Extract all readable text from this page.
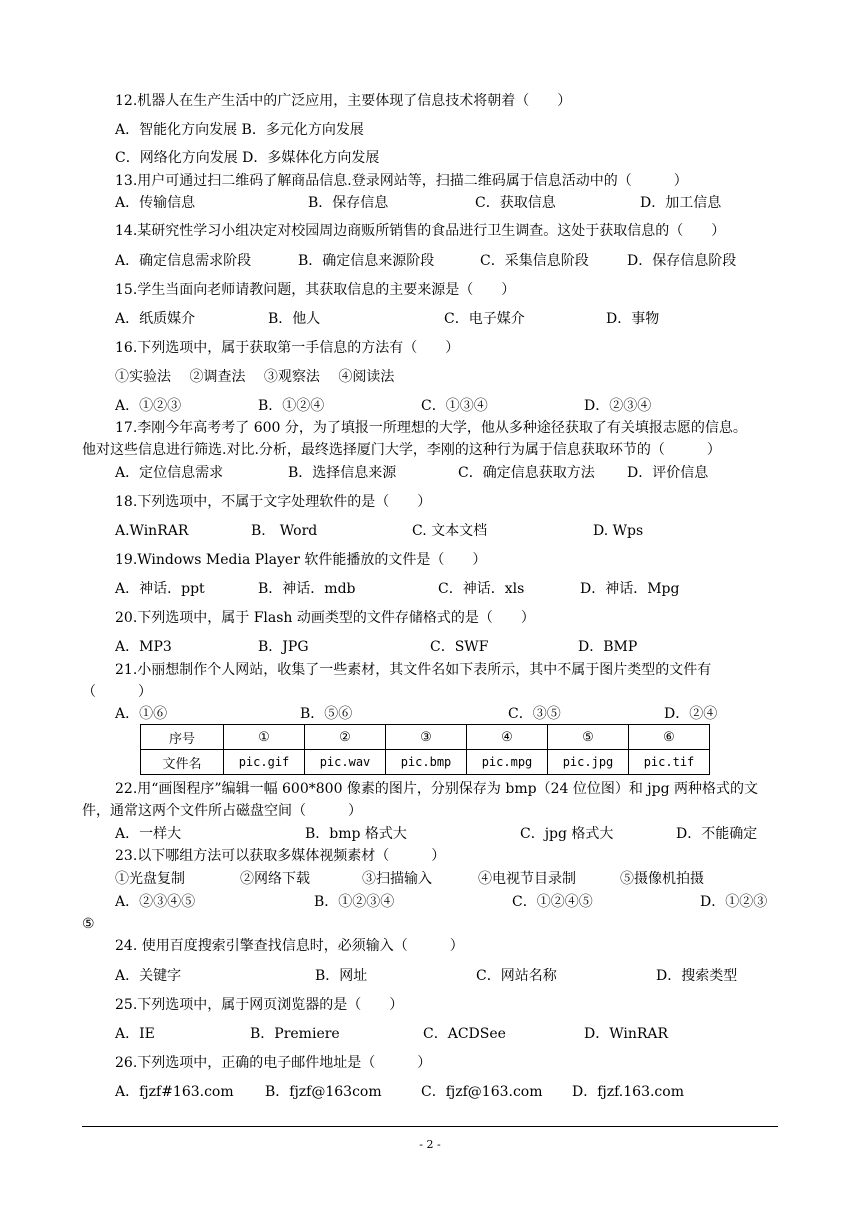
12.机器人在生产生活中的广泛应用，主要体现了信息技术将朝着（　　）
A．智能化方向发展 B．多元化方向发展
C．网络化方向发展 D．多媒体化方向发展
13.用户可通过扫二维码了解商品信息.登录网站等，扫描二维码属于信息活动中的（　　　）
A．传输信息	B．保存信息	C．获取信息	D．加工信息
14.某研究性学习小组决定对校园周边商贩所销售的食品进行卫生调查。这处于获取信息的（　　）
A．确定信息需求阶段	B．确定信息来源阶段	C．采集信息阶段	D．保存信息阶段
15.学生当面向老师请教问题，其获取信息的主要来源是（　　）
A．纸质媒介	B．他人	C．电子媒介	D．事物
16.下列选项中，属于获取第一手信息的方法有（　　）
①实验法　 ②调查法　 ③观察法　 ④阅读法
A．①②③	B．①②④	C．①③④	D．②③④
17.李刚今年高考考了 600 分，为了填报一所理想的大学，他从多种途径获取了有关填报志愿的信息。
他对这些信息进行筛选.对比.分析，最终选择厦门大学，李刚的这种行为属于信息获取环节的（　　　）
A．定位信息需求	B．选择信息来源	C．确定信息获取方法 D．评价信息
18.下列选项中，不属于文字处理软件的是（　　）
A.WinRAR	B.　Word	C. 文本文档	D. Wps
19.Windows Media Player 软件能播放的文件是（　　）
A．神话．ppt	B．神话．mdb	C．神话．xls	D．神话．Mpg
20.下列选项中，属于 Flash 动画类型的文件存储格式的是（　　）
A．MP3	B．JPG	C．SWF	D．BMP
21.小丽想制作个人网站，收集了一些素材，其文件名如下表所示，其中不属于图片类型的文件有
（　　　）
A．①⑥	B．⑤⑥	C．③⑤	D．②④
序号	①	②	③	④	⑤	⑥
文件名	pic.gif	pic.wav	pic.bmp	pic.mpg	pic.jpg	pic.tif
22.用“画图程序”编辑一幅 600*800 像素的图片，分别保存为 bmp（24 位位图）和 jpg 两种格式的文
件，通常这两个文件所占磁盘空间（　　　）
A．一样大	B．bmp 格式大	C．jpg 格式大	D．不能确定
23.以下哪组方法可以获取多媒体视频素材（　　　）
①光盘复制	②网络下载	③扫描输入	④电视节目录制	⑤摄像机拍摄
A．②③④⑤	B．①②③④	C．①②④⑤	D．①②③
⑤
24. 使用百度搜索引擎查找信息时，必须输入（　　　）
A．关键字	B．网址	C．网站名称	D．搜索类型
25.下列选项中，属于网页浏览器的是（　　）
A．IE	B．Premiere	C．ACDSee	D．WinRAR
26.下列选项中，正确的电子邮件地址是（　　　）
A．fjzf#163.com B．fjzf@163com	C．fjzf@163.com D．fjzf.163.com
- 2 -
